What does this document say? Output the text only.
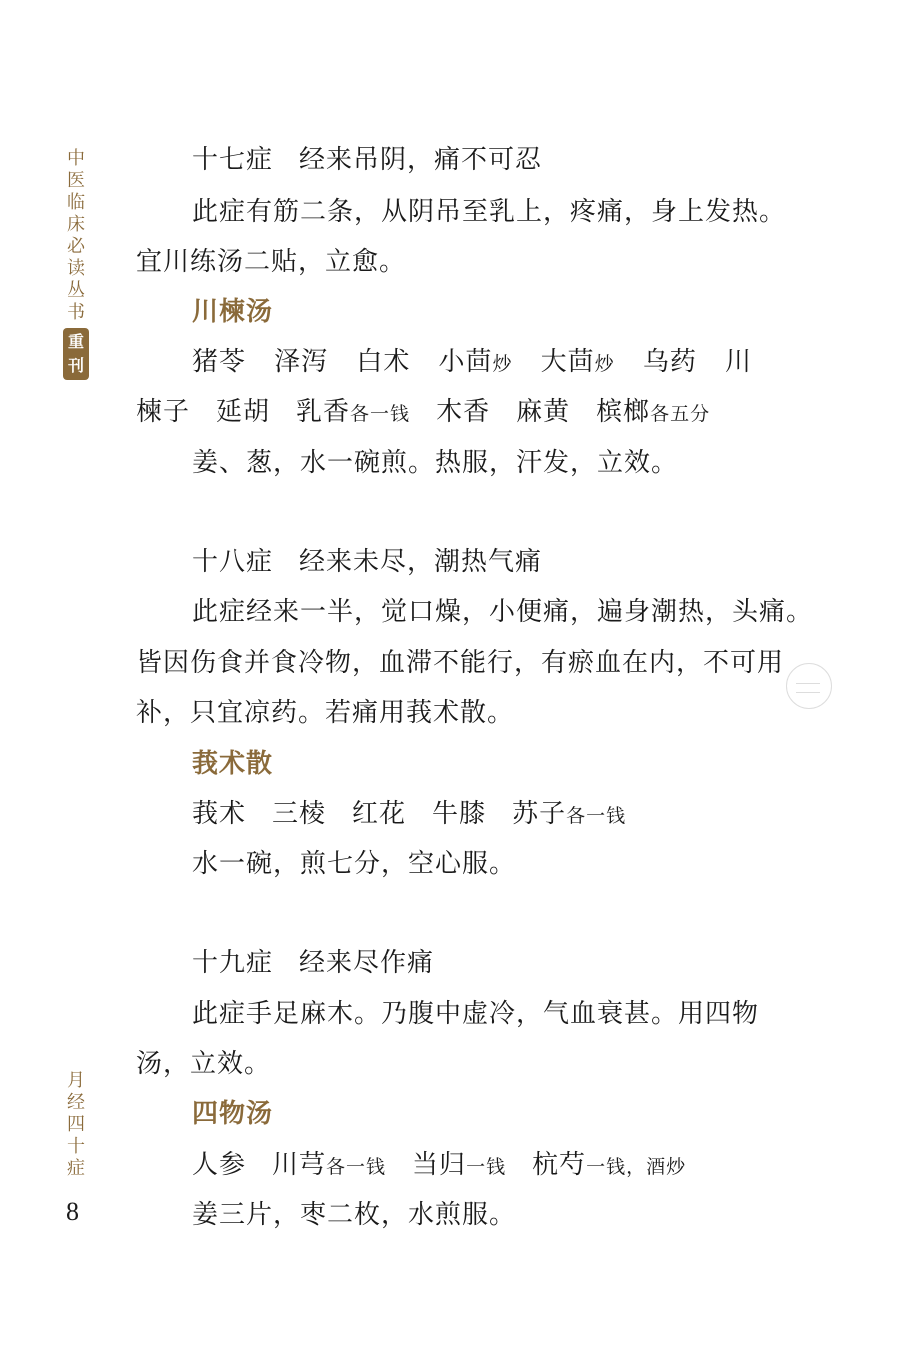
中
医
临
床
必
读
丛
书
重
刊
月
经
四
十
症
8
十七症 经来吊阴，痛不可忍
此症有筋二条，从阴吊至乳上，疼痛，身上发热。
宜川练汤二贴，立愈。
川楝汤
猪苓 泽泻 白术 小茴炒 大茴炒 乌药 川
楝子 延胡 乳香各一钱 木香 麻黄 槟榔各五分
姜、葱，水一碗煎。热服，汗发，立效。
十八症 经来未尽，潮热气痛
此症经来一半，觉口燥，小便痛，遍身潮热，头痛。
皆因伤食并食冷物，血滞不能行，有瘀血在内，不可用
补，只宜凉药。若痛用莪术散。
莪术散
莪术 三棱 红花 牛膝 苏子各一钱
水一碗，煎七分，空心服。
十九症 经来尽作痛
此症手足麻木。乃腹中虚冷，气血衰甚。用四物
汤，立效。
四物汤
人参 川芎各一钱 当归一钱 杭芍一钱，酒炒
姜三片，枣二枚，水煎服。
